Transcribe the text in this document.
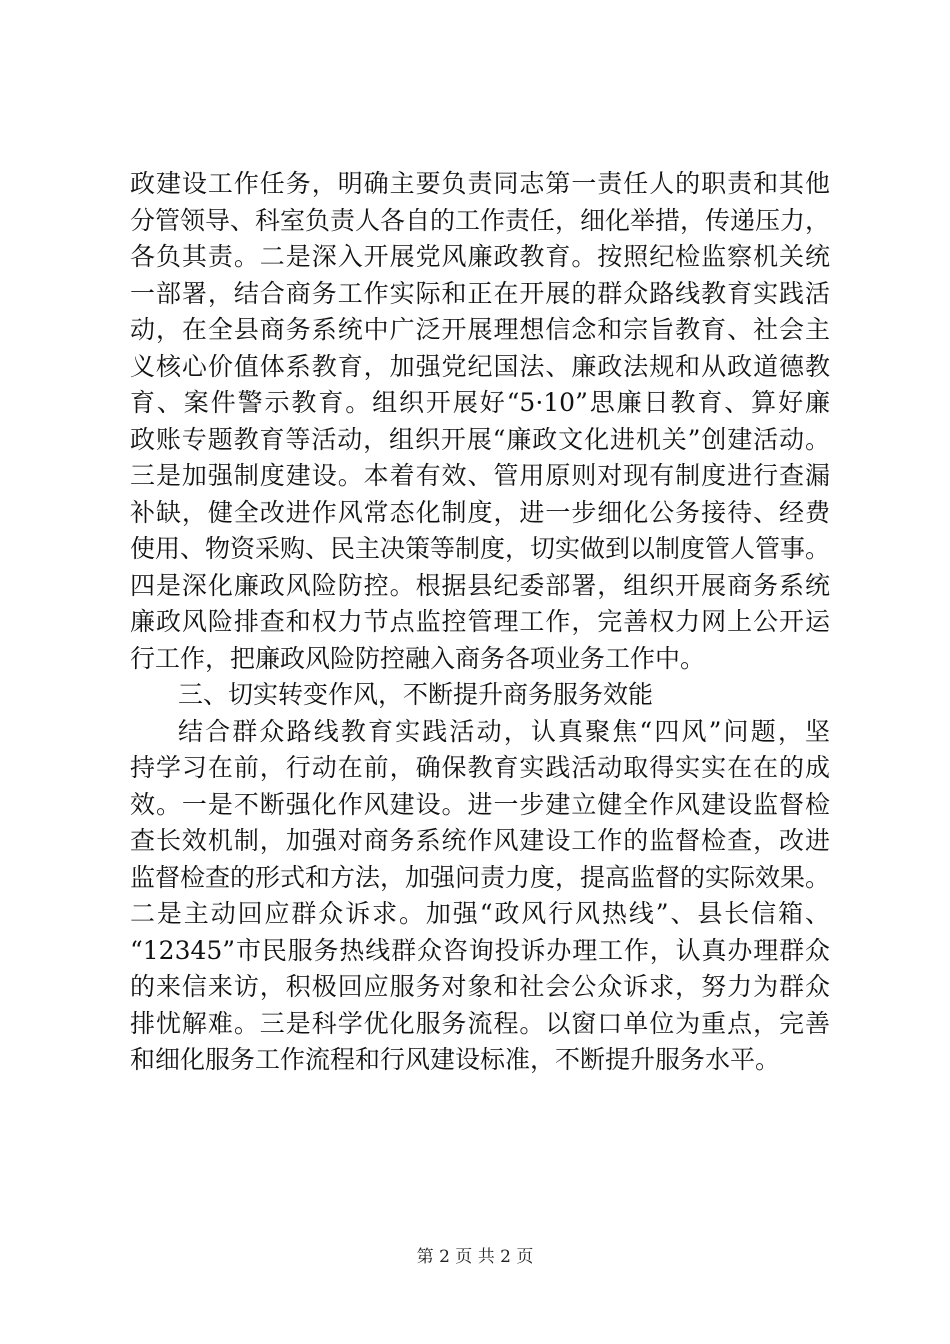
政建设工作任务，明确主要负责同志第一责任人的职责和其他
分管领导、科室负责人各自的工作责任，细化举措，传递压力，
各负其责。二是深入开展党风廉政教育。按照纪检监察机关统
一部署，结合商务工作实际和正在开展的群众路线教育实践活
动，在全县商务系统中广泛开展理想信念和宗旨教育、社会主
义核心价值体系教育，加强党纪国法、廉政法规和从政道德教
育、案件警示教育。组织开展好“5·10”思廉日教育、算好廉
政账专题教育等活动，组织开展“廉政文化进机关”创建活动。
三是加强制度建设。本着有效、管用原则对现有制度进行查漏
补缺，健全改进作风常态化制度，进一步细化公务接待、经费
使用、物资采购、民主决策等制度，切实做到以制度管人管事。
四是深化廉政风险防控。根据县纪委部署，组织开展商务系统
廉政风险排查和权力节点监控管理工作，完善权力网上公开运
行工作，把廉政风险防控融入商务各项业务工作中。
三、切实转变作风，不断提升商务服务效能
结合群众路线教育实践活动，认真聚焦“四风”问题，坚
持学习在前，行动在前，确保教育实践活动取得实实在在的成
效。一是不断强化作风建设。进一步建立健全作风建设监督检
查长效机制，加强对商务系统作风建设工作的监督检查，改进
监督检查的形式和方法，加强问责力度，提高监督的实际效果。
二是主动回应群众诉求。加强“政风行风热线”、县长信箱、
“12345”市民服务热线群众咨询投诉办理工作，认真办理群众
的来信来访，积极回应服务对象和社会公众诉求，努力为群众
排忧解难。三是科学优化服务流程。以窗口单位为重点，完善
和细化服务工作流程和行风建设标准，不断提升服务水平。
第 2 页 共 2 页
